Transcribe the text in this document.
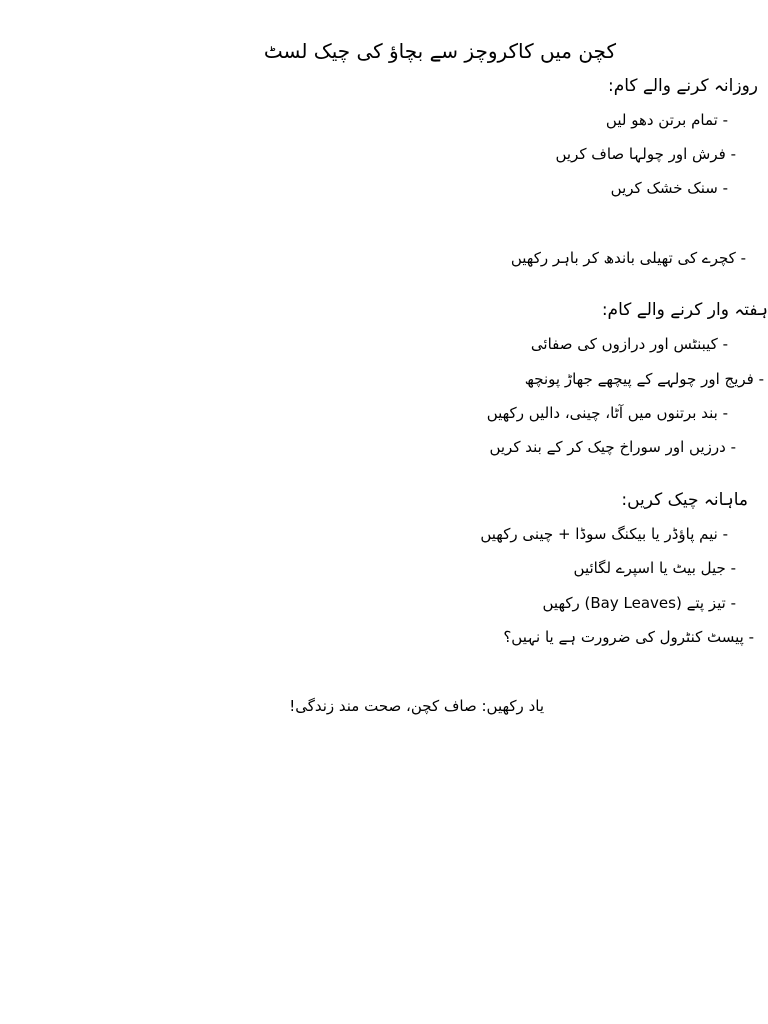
کچن میں کاکروچز سے بچاؤ کی چیک لسٹ
روزانہ کرنے والے کام:
- تمام برتن دھو لیں
- فرش اور چولہا صاف کریں
- سنک خشک کریں
- کچرے کی تھیلی باندھ کر باہر رکھیں
ہفتہ وار کرنے والے کام:
- کیبنٹس اور درازوں کی صفائی
- فریج اور چولہے کے پیچھے جھاڑ پونچھ
- بند برتنوں میں آٹا، چینی، دالیں رکھیں
- درزیں اور سوراخ چیک کر کے بند کریں
ماہانہ چیک کریں:
- نیم پاؤڈر یا بیکنگ سوڈا + چینی رکھیں
- جیل بیٹ یا اسپرے لگائیں
- تیز پتے (Bay Leaves) رکھیں
- پیسٹ کنٹرول کی ضرورت ہے یا نہیں؟
یاد رکھیں: صاف کچن، صحت مند زندگی!
